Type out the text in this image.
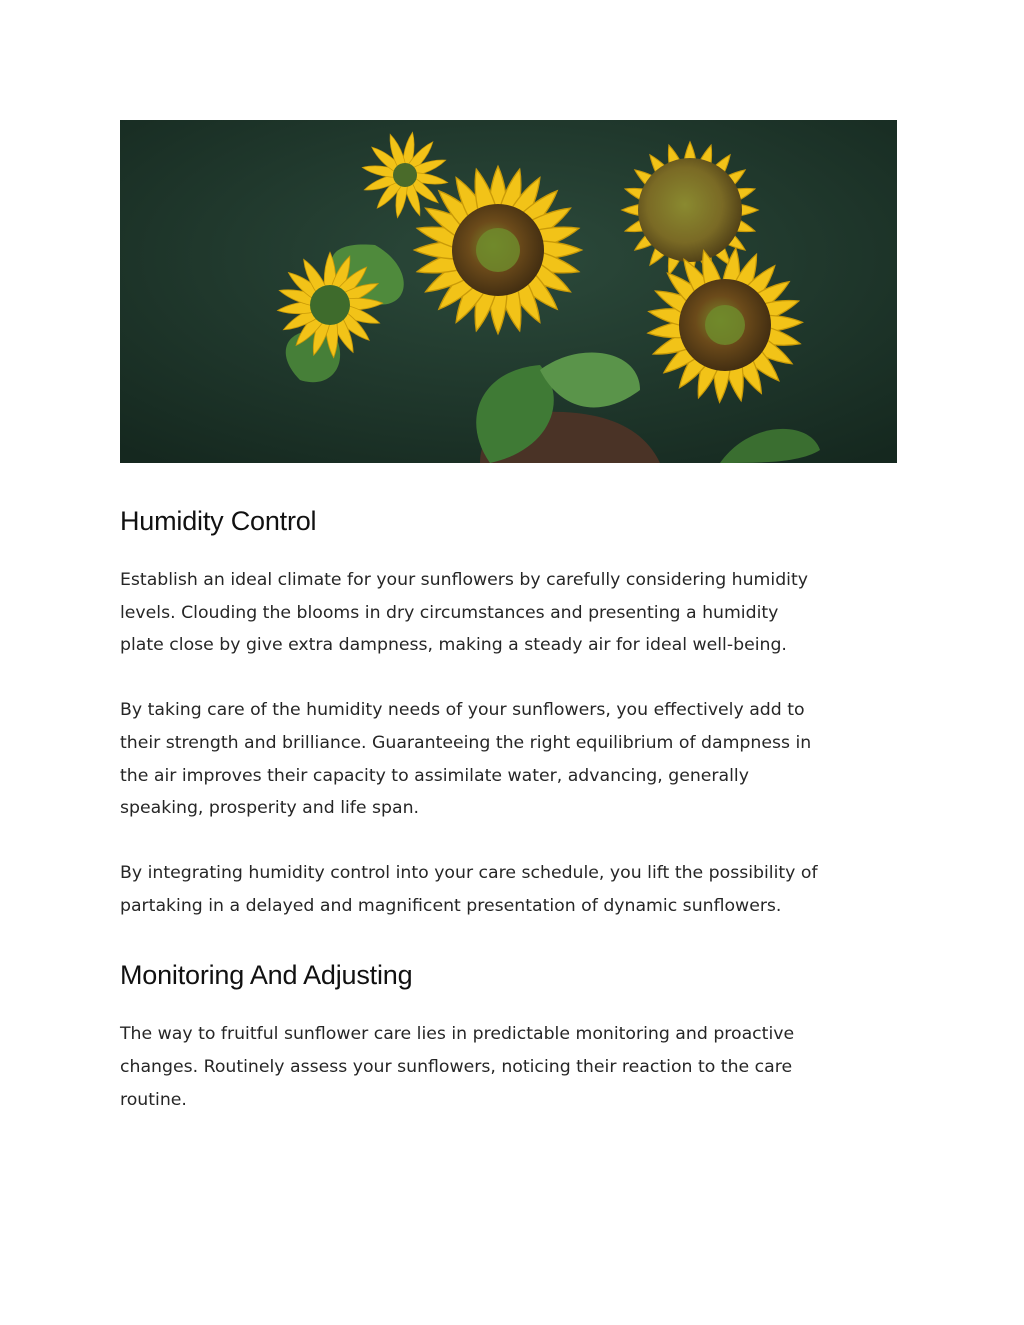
Humidity Control

Establish an ideal climate for your sunflowers by carefully considering humidity
levels. Clouding the blooms in dry circumstances and presenting a humidity
plate close by give extra dampness, making a steady air for ideal well-being.

By taking care of the humidity needs of your sunflowers, you effectively add to
their strength and brilliance. Guaranteeing the right equilibrium of dampness in
the air improves their capacity to assimilate water, advancing, generally
speaking, prosperity and life span.

By integrating humidity control into your care schedule, you lift the possibility of
partaking in a delayed and magnificent presentation of dynamic sunflowers.

Monitoring And Adjusting

The way to fruitful sunflower care lies in predictable monitoring and proactive
changes. Routinely assess your sunflowers, noticing their reaction to the care
routine.
